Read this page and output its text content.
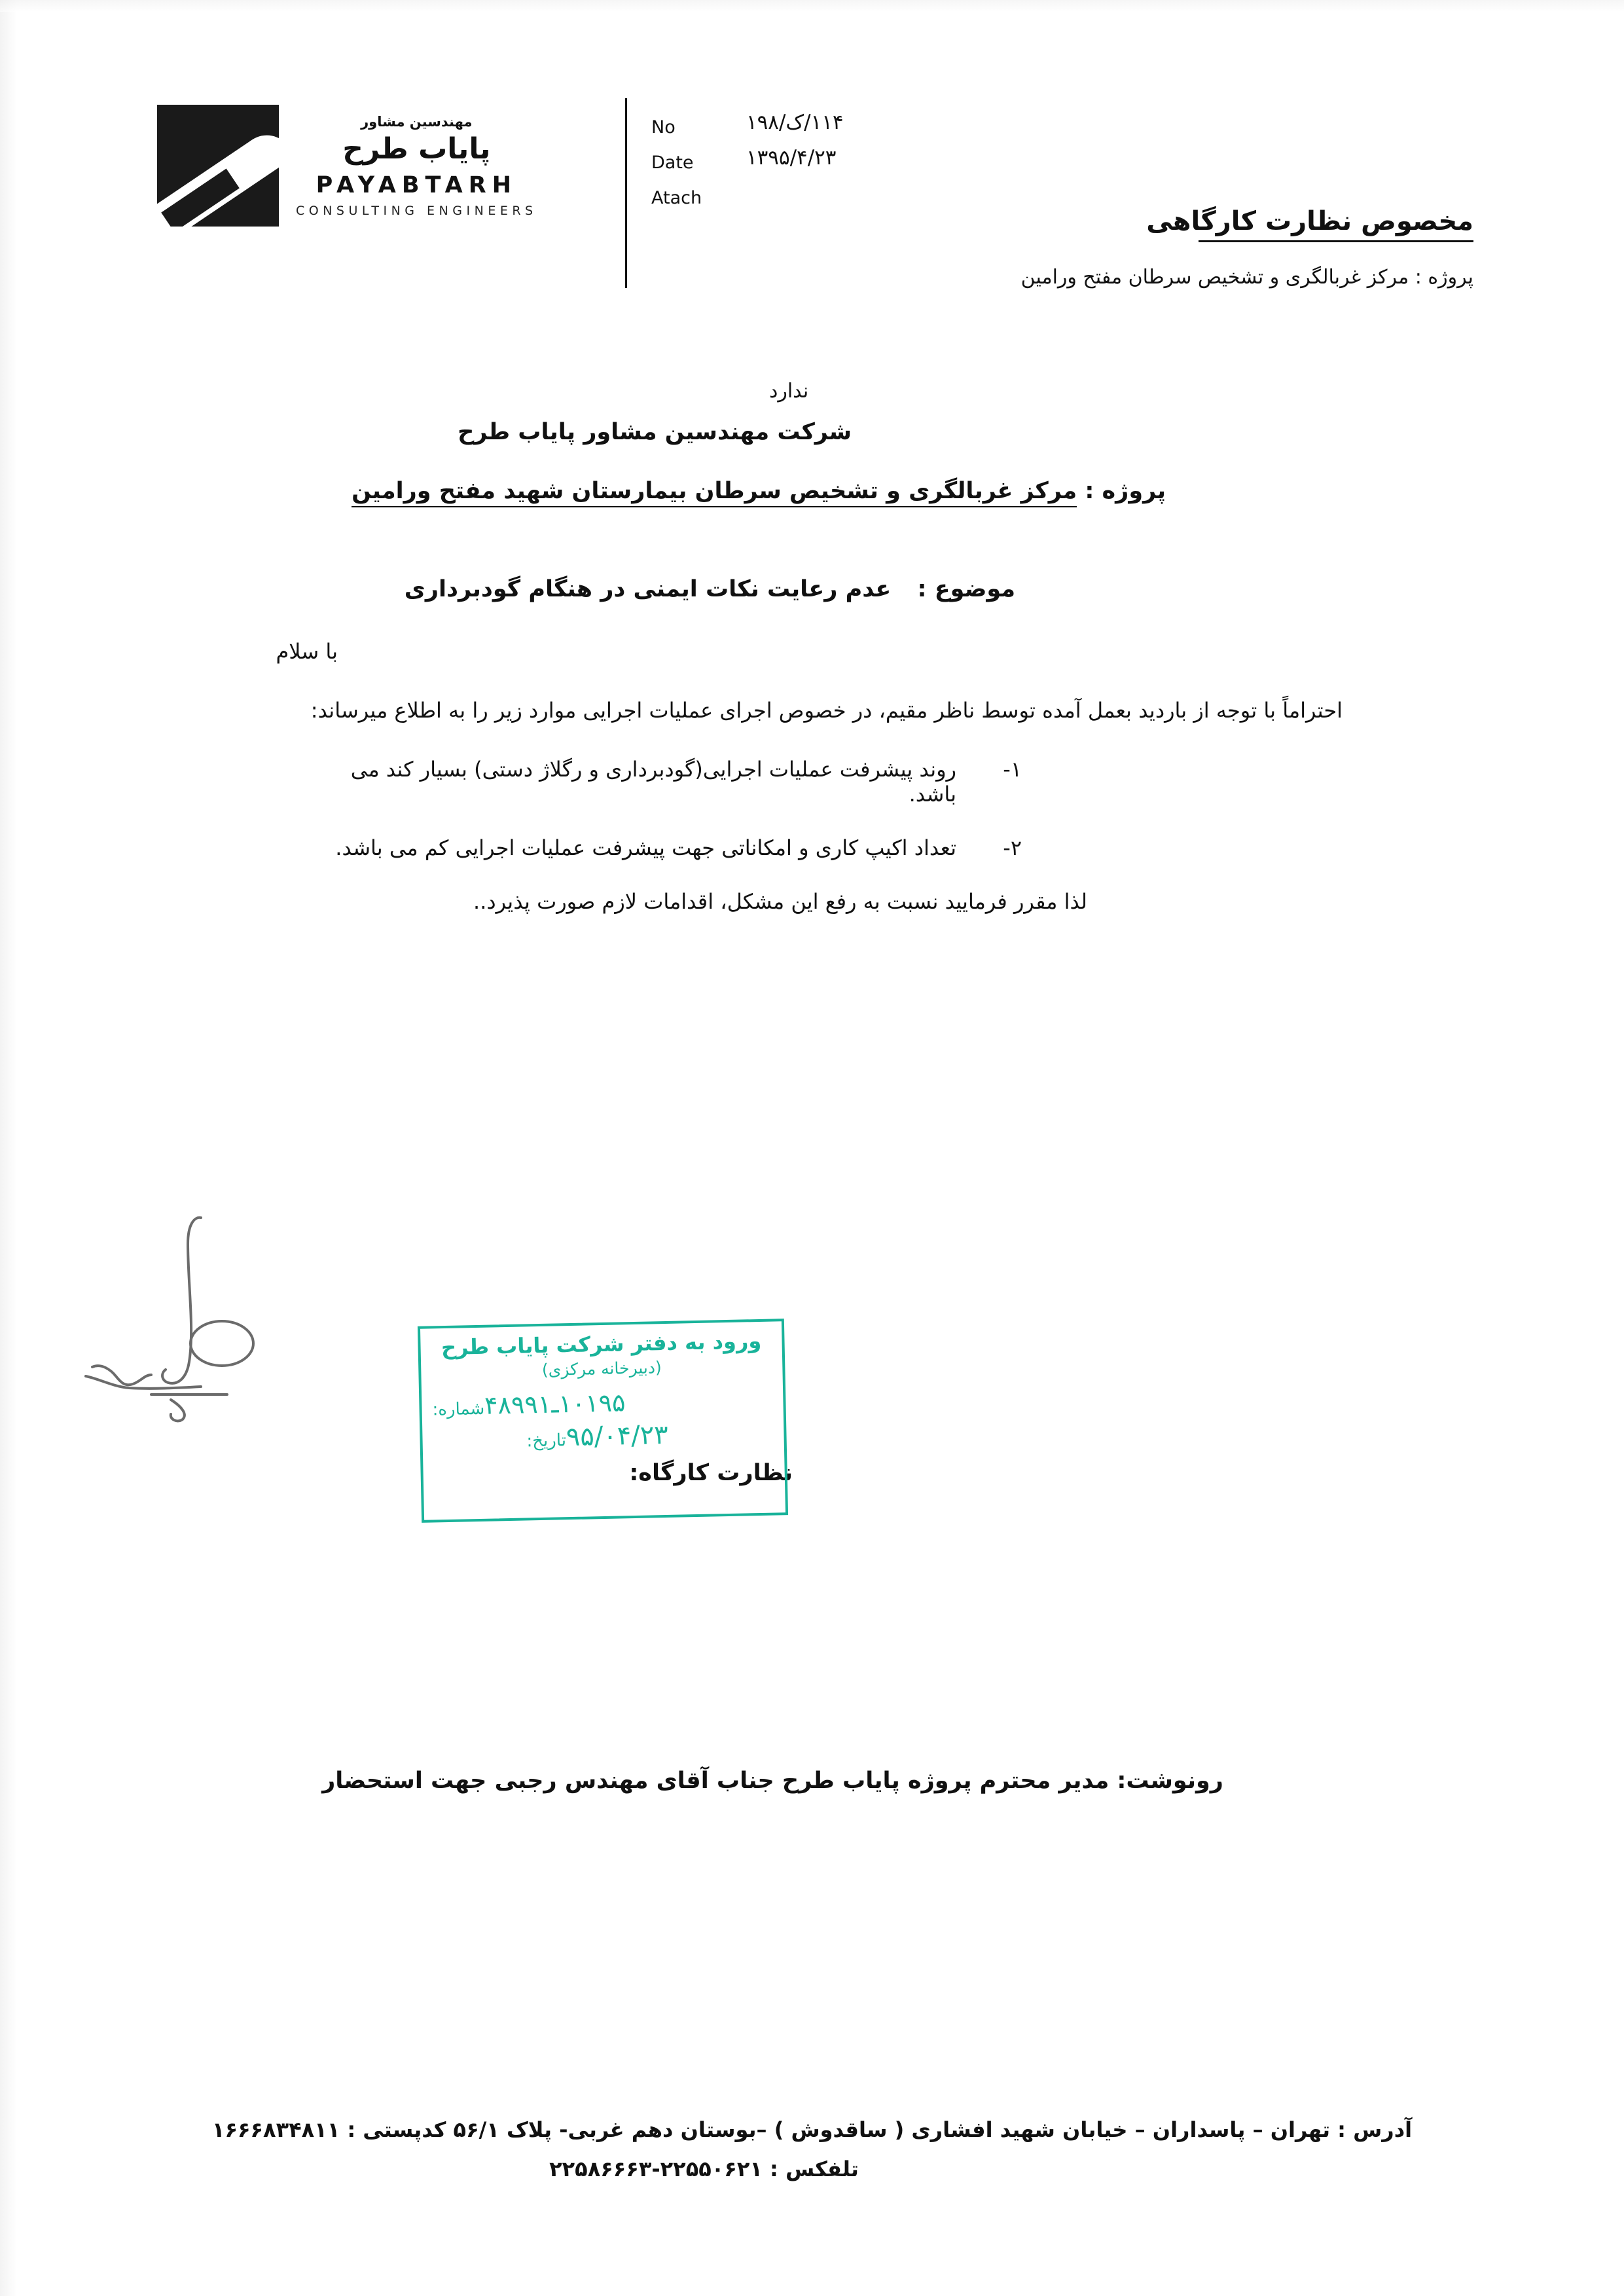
مهندسین مشاور
پایاب طرح
PAYABTARH
CONSULTING ENGINEERS
No
Date
Atach
۱۱۴/ک/۱۹۸
۱۳۹۵/۴/۲۳
ندارد
مخصوص نظارت کارگاهی
پروژه : مرکز غربالگری و تشخیص سرطان مفتح ورامین
شرکت مهندسین مشاور پایاب طرح
پروژه : مرکز غربالگری و تشخیص سرطان بیمارستان شهید مفتح ورامین
موضوع : عدم رعایت نکات ایمنی در هنگام گودبرداری
با سلام
احتراماً با توجه از باردید بعمل آمده توسط ناظر مقیم، در خصوص اجرای عملیات اجرایی موارد زیر را به اطلاع میرساند:
۱-
روند پیشرفت عملیات اجرایی(گودبرداری و رگلاژ دستی) بسیار کند می باشد.
۲-
تعداد اکیپ کاری و امکاناتی جهت پیشرفت عملیات اجرایی کم می باشد.
لذا مقرر فرمایید نسبت به رفع این مشکل، اقدامات لازم صورت پذیرد..
نظارت کارگاه:
ورود به دفتر شرکت پایاب طرح
(دبیرخانه مرکزی)
شماره: ۱۰۱۹۵ـ۴۸۹۹۱
تاریخ: ۹۵/۰۴/۲۳
رونوشت: مدیر محترم پروژه پایاب طرح جناب آقای مهندس رجبی جهت استحضار
آدرس : تهران – پاسداران – خیابان شهید افشاری ( ساقدوش ) –بوستان دهم غربی- پلاک ۵۶/۱ کدپستی : ۱۶۶۶۸۳۴۸۱۱
تلفکس : ۲۲۵۵۰۶۲۱-۲۲۵۸۶۶۶۳
